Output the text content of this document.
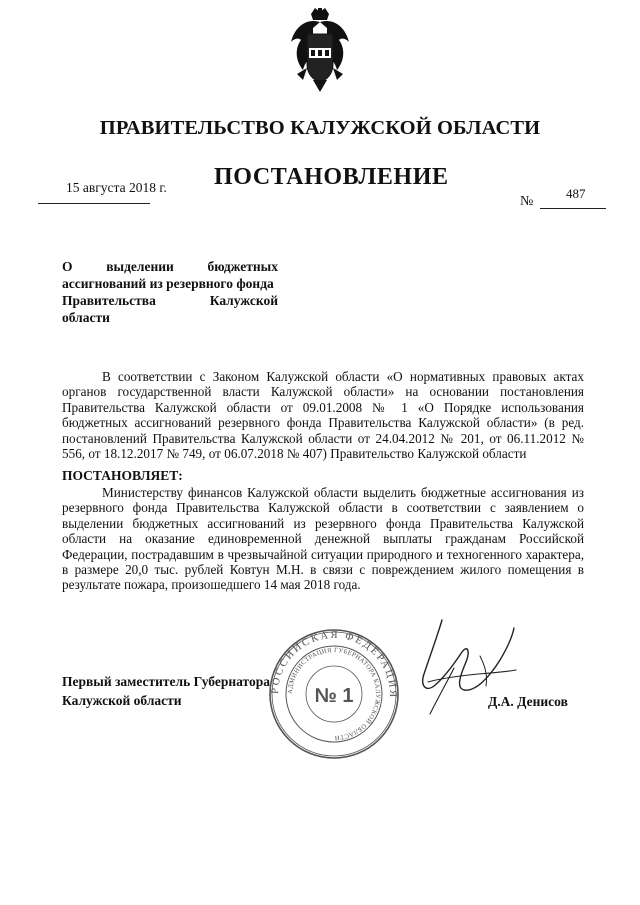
ПРАВИТЕЛЬСТВО КАЛУЖСКОЙ ОБЛАСТИ
ПОСТАНОВЛЕНИЕ
15 августа 2018 г.
№
487
О выделении бюджетных
ассигнований из резервного фонда
Правительства	Калужской
области
В соответствии с Законом Калужской области «О нормативных правовых актах органов государственной власти Калужской области» на основании постановления Правительства Калужской области от 09.01.2008 № 1 «О Порядке использования бюджетных ассигнований резервного фонда Правительства Калужской области» (в ред. постановлений Правительства Калужской области от 24.04.2012 № 201, от 06.11.2012 № 556, от 18.12.2017 № 749, от 06.07.2018 № 407) Правительство Калужской области
ПОСТАНОВЛЯЕТ:
Министерству финансов Калужской области выделить бюджетные ассигнования из резервного фонда Правительства Калужской области в соответствии с заявлением о выделении бюджетных ассигнований из резервного фонда Правительства Калужской области на оказание единовременной денежной выплаты гражданам Российской Федерации, пострадавшим в чрезвычайной ситуации природного и техногенного характера, в размере 20,0 тыс. рублей Ковтун М.Н. в связи с повреждением жилого помещения в результате пожара, произошедшего 14 мая 2018 года.
Первый заместитель Губернатора
Калужской области
РОССИЙСКАЯ ФЕДЕРАЦИЯ
АДМИНИСТРАЦИЯ ГУБЕРНАТОРА КАЛУЖСКОЙ ОБЛАСТИ
№ 1	Д.А. Денисов
